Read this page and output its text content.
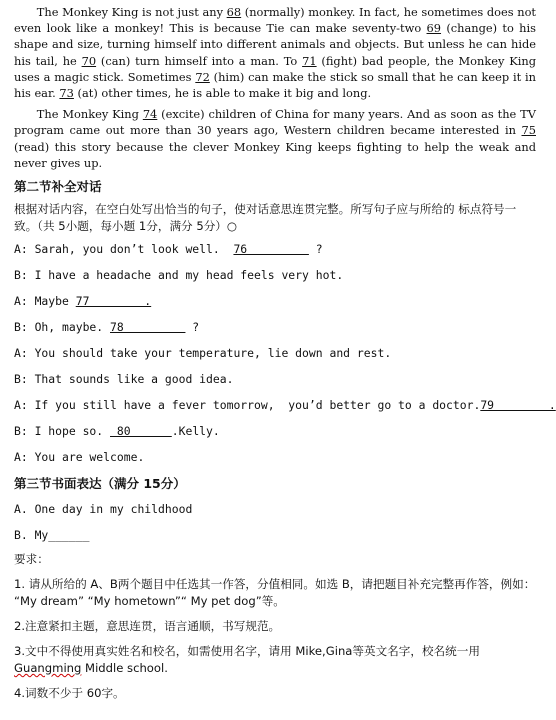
The Monkey King is not just any 68 (normally) monkey. In fact, he sometimes does not even look like a monkey! This is because Tie can make seventy-two 69 (change) to his shape and size, turning himself into different animals and objects. But unless he can hide his tail, he 70 (can) turn himself into a man. To 71 (fight) bad people, the Monkey King uses a magic stick. Sometimes 72 (him) can make the stick so small that he can keep it in his ear. 73 (at) other times, he is able to make it big and long.

The Monkey King 74 (excite) children of China for many years. And as soon as the TV program came out more than 30 years ago, Western children became interested in 75 (read) this story because the clever Monkey King keeps fighting to help the weak and never gives up.

第二节补全对话

根据对话内容，在空白处写出恰当的句子，使对话意思连贯完整。所写句子应与所给的 标点符号一致。（共 5小题，每小题 1分，满分 5分）○

A: Sarah, you don’t look well.  76          ?

B: I have a headache and my head feels very hot.

A: Maybe 77        .

B: Oh, maybe. 78          ?

A: You should take your temperature, lie down and rest.

B: That sounds like a good idea.

A: If you still have a fever tomorrow,  you’d better go to a doctor.79        .

B: I hope so.  80      .Kelly.

A: You are welcome.

第三节书面表达（满分 15分）

A. One day in my childhood

B. My______

要求：

1. 请从所给的 A、B两个题目中任选其一作答，分值相同。如选 B，请把题目补充完整再作答，例如： “My dream” “My hometown”“ My pet dog”等。

2.注意紧扣主题，意思连贯，语言通顺，书写规范。

3.文中不得使用真实姓名和校名，如需使用名字，请用 Mike,Gina等英文名字，校名统一用 Guangming Middle school.

4.词数不少于 60字。
